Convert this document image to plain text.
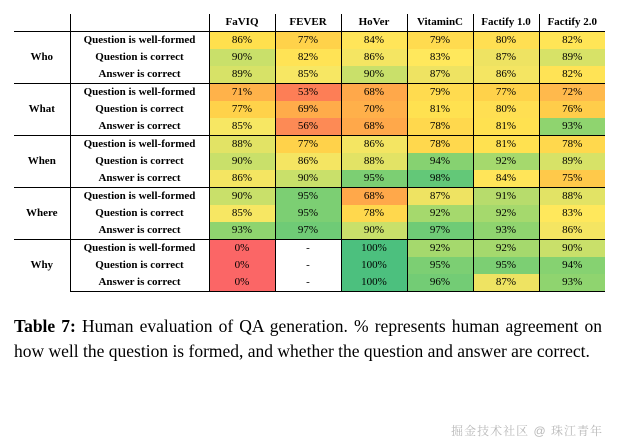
		FaVIQ	FEVER	HoVer	VitaminC	Factify 1.0	Factify 2.0
Who	Question is well-formed	86%	77%	84%	79%	80%	82%
	Question is correct	90%	82%	86%	83%	87%	89%
	Answer is correct	89%	85%	90%	87%	86%	82%
What	Question is well-formed	71%	53%	68%	79%	77%	72%
	Question is correct	77%	69%	70%	81%	80%	76%
	Answer is correct	85%	56%	68%	78%	81%	93%
When	Question is well-formed	88%	77%	86%	78%	81%	78%
	Question is correct	90%	86%	88%	94%	92%	89%
	Answer is correct	86%	90%	95%	98%	84%	75%
Where	Question is well-formed	90%	95%	68%	87%	91%	88%
	Question is correct	85%	95%	78%	92%	92%	83%
	Answer is correct	93%	97%	90%	97%	93%	86%
Why	Question is well-formed	0%	-	100%	92%	92%	90%
	Question is correct	0%	-	100%	95%	95%	94%
	Answer is correct	0%	-	100%	96%	87%	93%
Table 7: Human evaluation of QA generation. % represents human agreement on how well the question is formed, and whether the question and answer are correct.
掘金技术社区 @ 珠江青年
